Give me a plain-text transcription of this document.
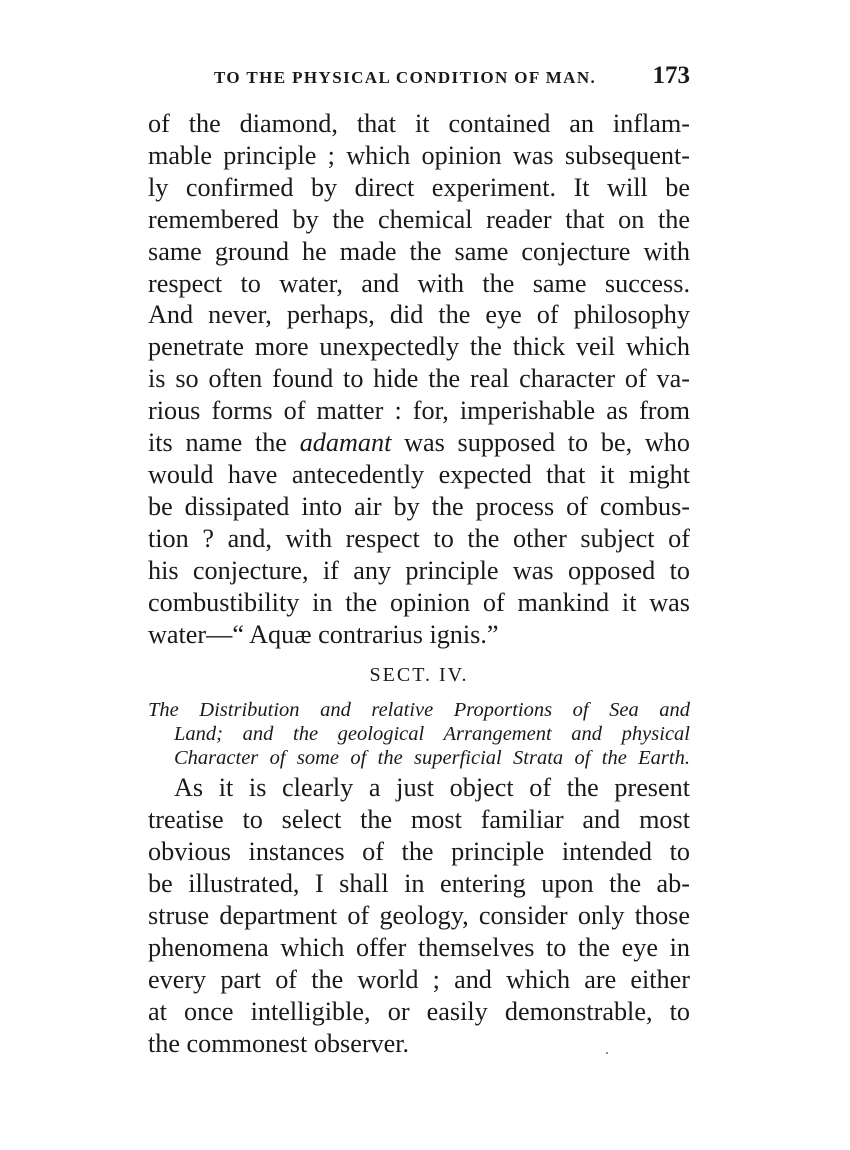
TO THE PHYSICAL CONDITION OF MAN. 173
of the diamond, that it contained an inflam-
mable principle ; which opinion was subsequent-
ly confirmed by direct experiment. It will be
remembered by the chemical reader that on the
same ground he made the same conjecture with
respect to water, and with the same success.
And never, perhaps, did the eye of philosophy
penetrate more unexpectedly the thick veil which
is so often found to hide the real character of va-
rious forms of matter : for, imperishable as from
its name the adamant was supposed to be, who
would have antecedently expected that it might
be dissipated into air by the process of combus-
tion ? and, with respect to the other subject of
his conjecture, if any principle was opposed to
combustibility in the opinion of mankind it was
water—“ Aquæ contrarius ignis.”
SECT. IV.
The Distribution and relative Proportions of Sea and
Land; and the geological Arrangement and physical
Character of some of the superficial Strata of the Earth.
As it is clearly a just object of the present
treatise to select the most familiar and most
obvious instances of the principle intended to
be illustrated, I shall in entering upon the ab-
struse department of geology, consider only those
phenomena which offer themselves to the eye in
every part of the world ; and which are either
at once intelligible, or easily demonstrable, to
the commonest observer.
